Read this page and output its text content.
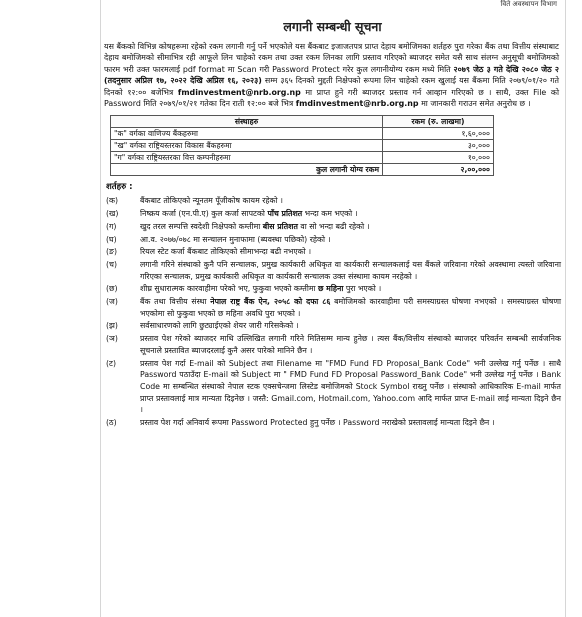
विते अवस्थापन विभाग
लगानी सम्बन्धी सूचना
यस बैंकको विभिन्न कोषहरूमा रहेको रकम लगानी गर्नु पर्ने भएकोले यस बैंकबाट इजाजतपत्र प्राप्त देहाय बमोजिमका शर्तहरु पुरा गरेका बैंक तथा वित्तीय संस्थाबाट देहाय बमोजिमको सीमाभित्र रही आफूले लिन चाहेको रकम तथा उक्त रकम लिनका लागि प्रस्ताव गरिएको ब्याजदर समेत यसै साथ संलग्न अनुसूची बमोजिमको फारम भरी उक्त फारमलाई pdf format मा Scan गरी Password Protect गरेर कुल लगानीयोग्य रकम मध्ये मिति २०७९ जेठ ३ गते देखि २०८० जेठ २ (तदनुसार अप्रिल १७, २०२२ देखि अप्रिल १६, २०२३) सम्म ३६५ दिनको मुद्दती निक्षेपको रूपमा लिन चाहेको रकम खुलाई यस बैंकमा मिति २०७९/०१/२० गते दिनको १२:०० बजेभित्र fmdinvestment@nrb.org.np मा प्राप्त हुने गरी ब्याजदर प्रस्ताव गर्न आव्हान गरिएको छ । साथै, उक्त File को Password मिति २०७९/०१/२१ गतेका दिन राती १२:०० बजे भित्र fmdinvestment@nrb.org.np मा जानकारी गराउन समेत अनुरोध छ ।
संस्थाहरु	रकम (रु. लाखमा)
"क" वर्गका वाणिज्य बैंकहरुमा	१,६०,०००
"ख" वर्गका राष्ट्रियस्तरका विकास बैंकहरुमा	३०,०००
"ग" वर्गका राष्ट्रियस्तरका वित्त कम्पनीहरुमा	१०,०००
कुल लगानी योग्य रकम	२,००,०००
शर्तहरु :
(क)	बैंकबाट तोकिएको न्यूनतम पूँजीकोष कायम रहेको ।
(ख)	निष्क्रय कर्जा (एन.पी.ए) कुल कर्जा सापटको पाँच प्रतिशत भन्दा कम भएको ।
(ग)	खुद तरल सम्पत्ति स्वदेशी निक्षेपको कम्तीमा बीस प्रतिशत वा सो भन्दा बढी रहेको ।
(घ)	आ.व. २०७७/०७८ मा सन्चालन मुनाफामा (ब्यवस्था पछिको) रहेको ।
(ङ)	रियल स्टेट कर्जा बैंकबाट तोकिएको सीमाभन्दा बढी नभएको ।
(च)	लगानी गरिने संस्थाको कुनै पनि सन्चालक, प्रमुख कार्यकारी अधिकृत वा कार्यकारी सन्चालकलाई यस बैंकले जरिवाना गरेको अवस्थामा त्यस्तो जरिवाना गरिएका सन्चालक, प्रमुख कार्यकारी अधिकृत वा कार्यकारी सन्चालक उक्त संस्थामा कायम नरहेको ।
(छ)	शीघ्र सुधारात्मक कारवाहीमा परेको भए, फुकुवा भएको कम्तीमा छ महिना पुरा भएको ।
(ज)	बैंक तथा वित्तीय संस्था नेपाल राष्ट्र बैंक ऐन, २०५८ को दफा ८६ बमोजिमको कारवाहीमा परी समस्याग्रस्त घोषणा नभएको । समस्याग्रस्त घोषणा भएकोमा सो फुकुवा भएको छ महिना अवधि पुरा भएको ।
(झ)	सर्वसाधारणको लागि छुट्याईएको शेयर जारी गरिसकेको ।
(ञ)	प्रस्ताव पेश गरेको ब्याजदर माथि उल्लिखित लगानी गरिने मितिसम्म मान्य हुनेछ । त्यस बैंक/वित्तीय संस्थाको ब्याजदर परिवर्तन सम्बन्धी सार्वजनिक सूचनाले प्रस्तावित ब्याजदरलाई कुनै असर पारेको मानिने छैन ।
(ट)	प्रस्ताव पेश गर्दा E-mail को Subject तथा Filename मा "FMD Fund FD Proposal_Bank Code" भनी उल्लेख गर्नु पर्नेछ । साथै Password पठाउँदा E-mail को Subject मा " FMD Fund FD Proposal Password_Bank Code" भनी उल्लेख गर्नु पर्नेछ । Bank Code मा सम्बन्धित संस्थाको नेपाल स्टक एक्सचेन्जमा लिस्टेड बमोजिमको Stock Symbol राख्नु पर्नेछ । संस्थाको आधिकारिक E-mail मार्फत प्राप्त प्रस्तावलाई मात्र मान्यता दिइनेछ । जस्तै: Gmail.com, Hotmail.com, Yahoo.com आदि मार्फत प्राप्त E-mail लाई मान्यता दिइने छैन ।
(ठ)	प्रस्ताव पेश गर्दा अनिवार्य रूपमा Password Protected हुनु पर्नेछ । Password नराखेको प्रस्तावलाई मान्यता दिइने छैन ।
